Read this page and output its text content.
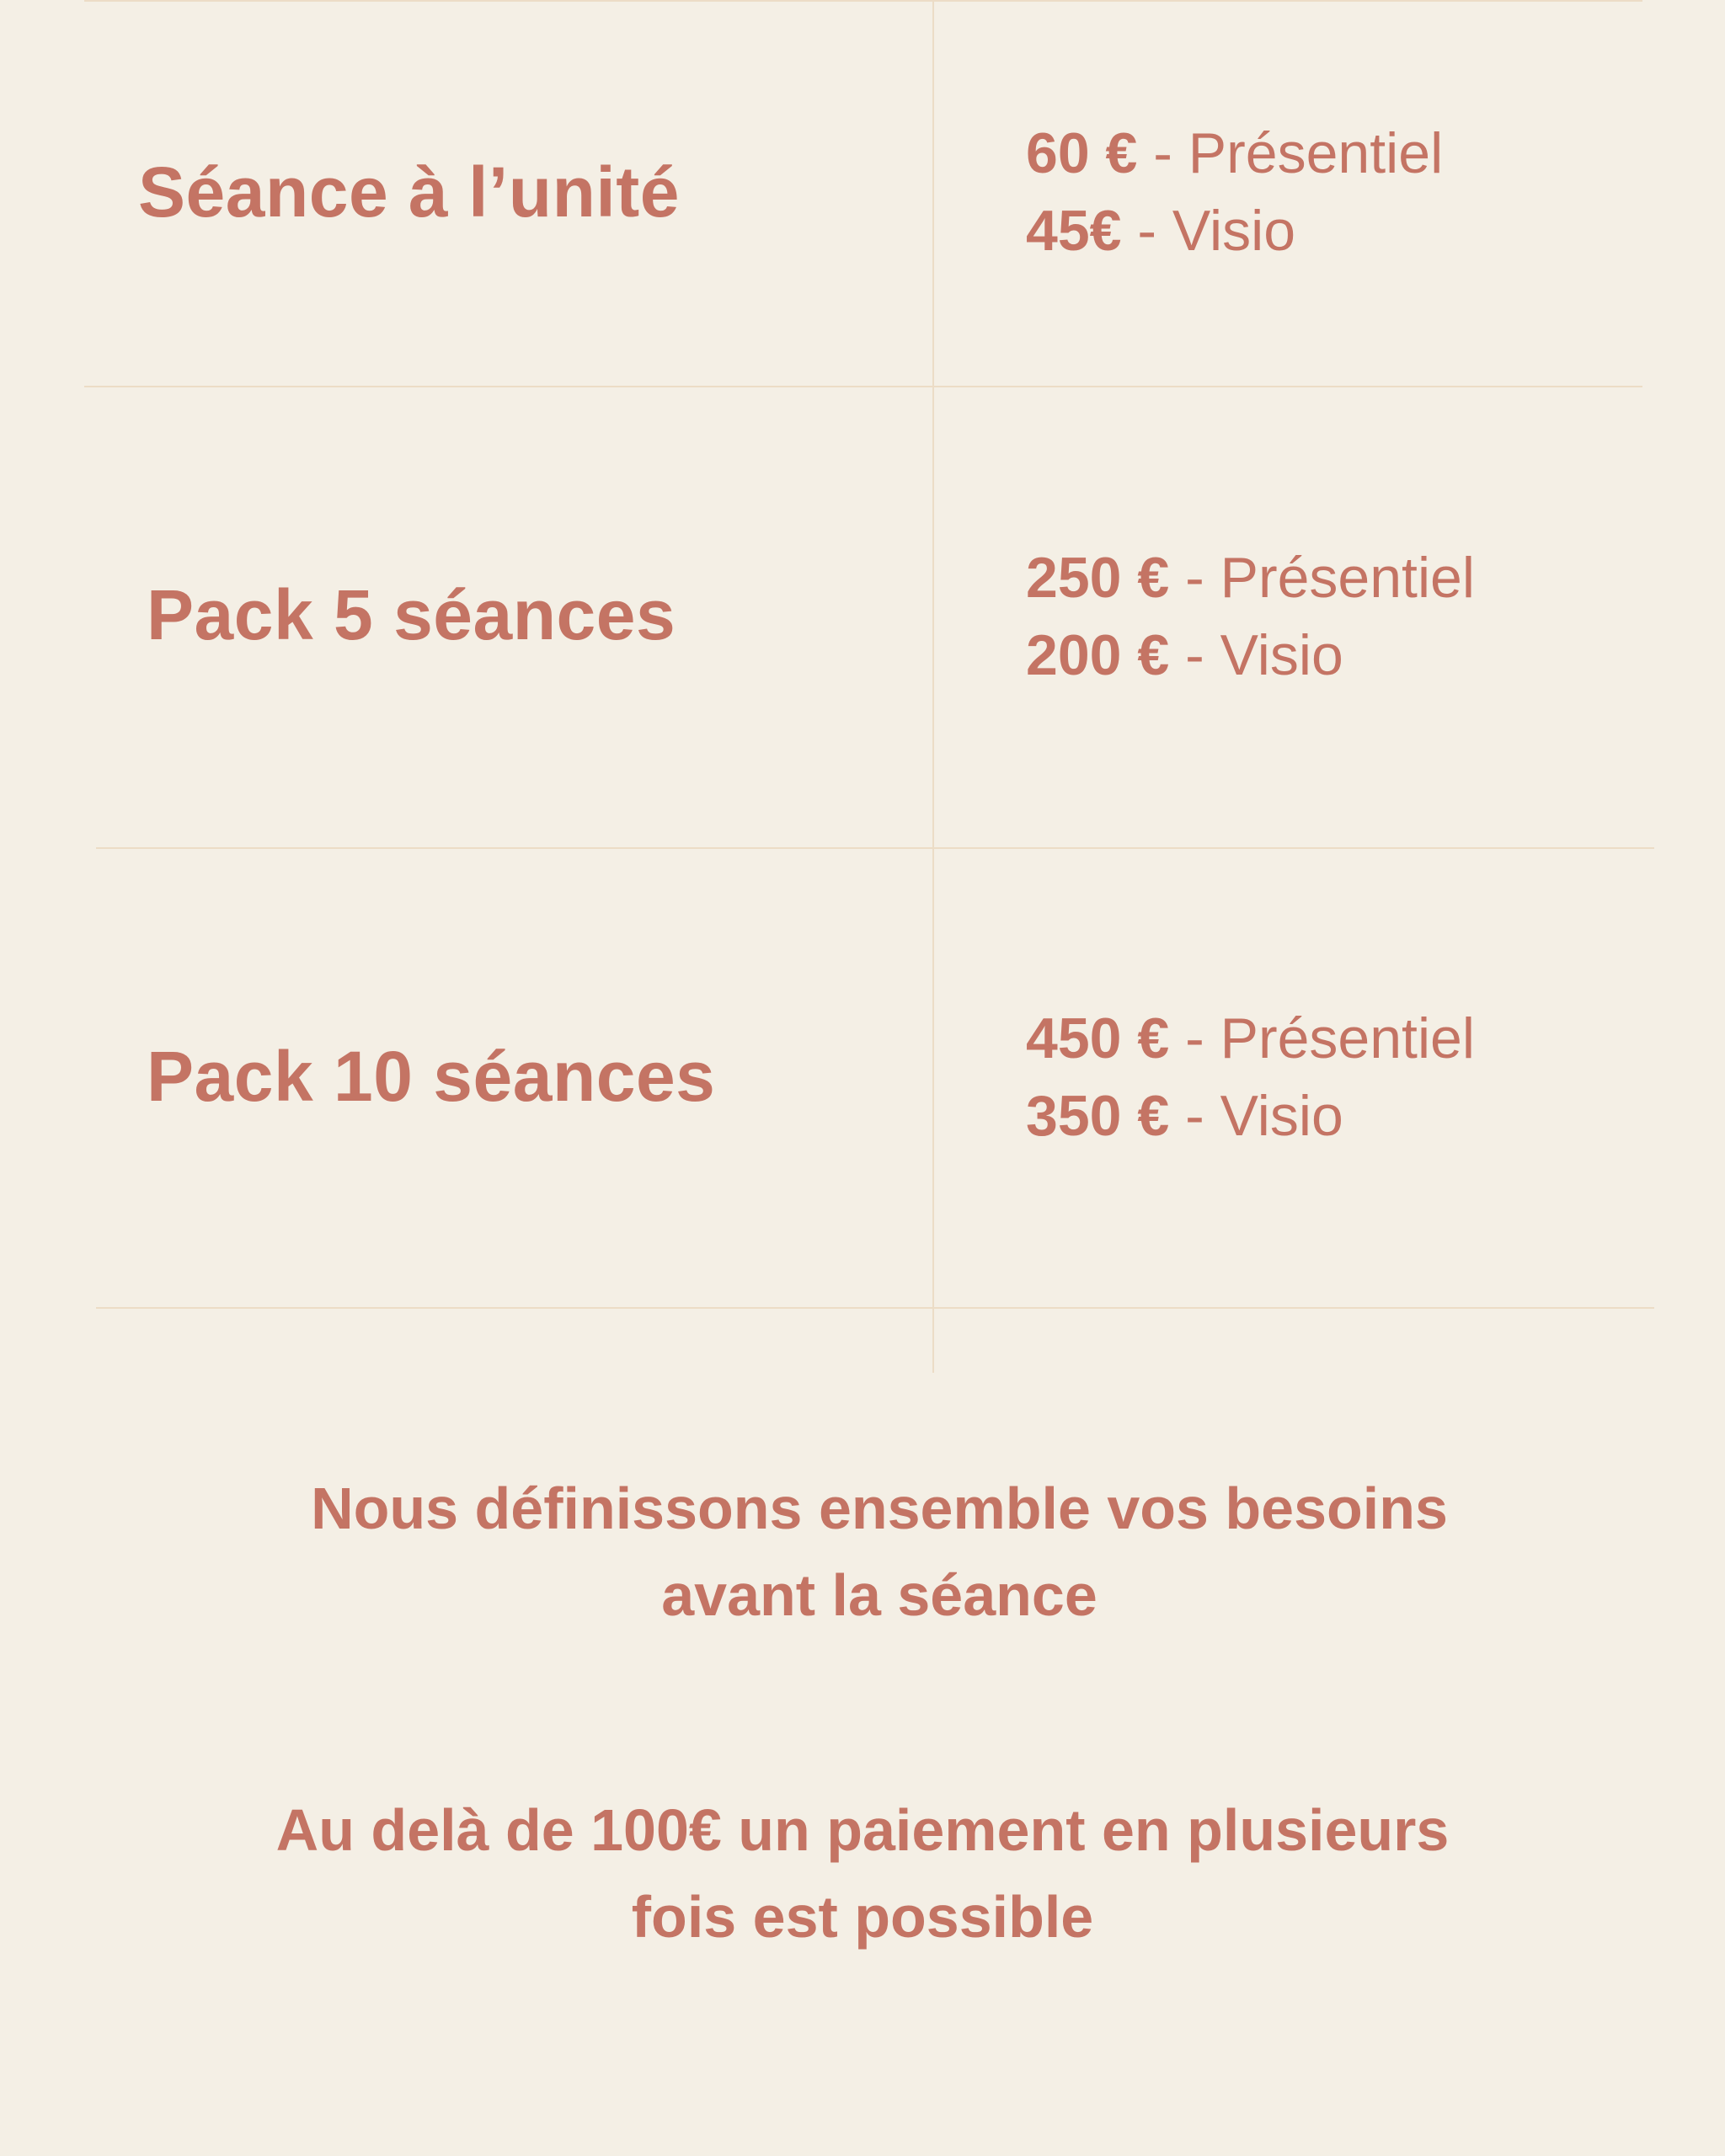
Séance à l’unité	60 € - Présentiel
45€ - Visio
Pack 5 séances	250 € - Présentiel
200 € - Visio
Pack 10 séances	450 € - Présentiel
350 € - Visio
Nous définissons ensemble vos besoins
avant la séance
Au delà de 100€ un paiement en plusieurs
fois est possible
